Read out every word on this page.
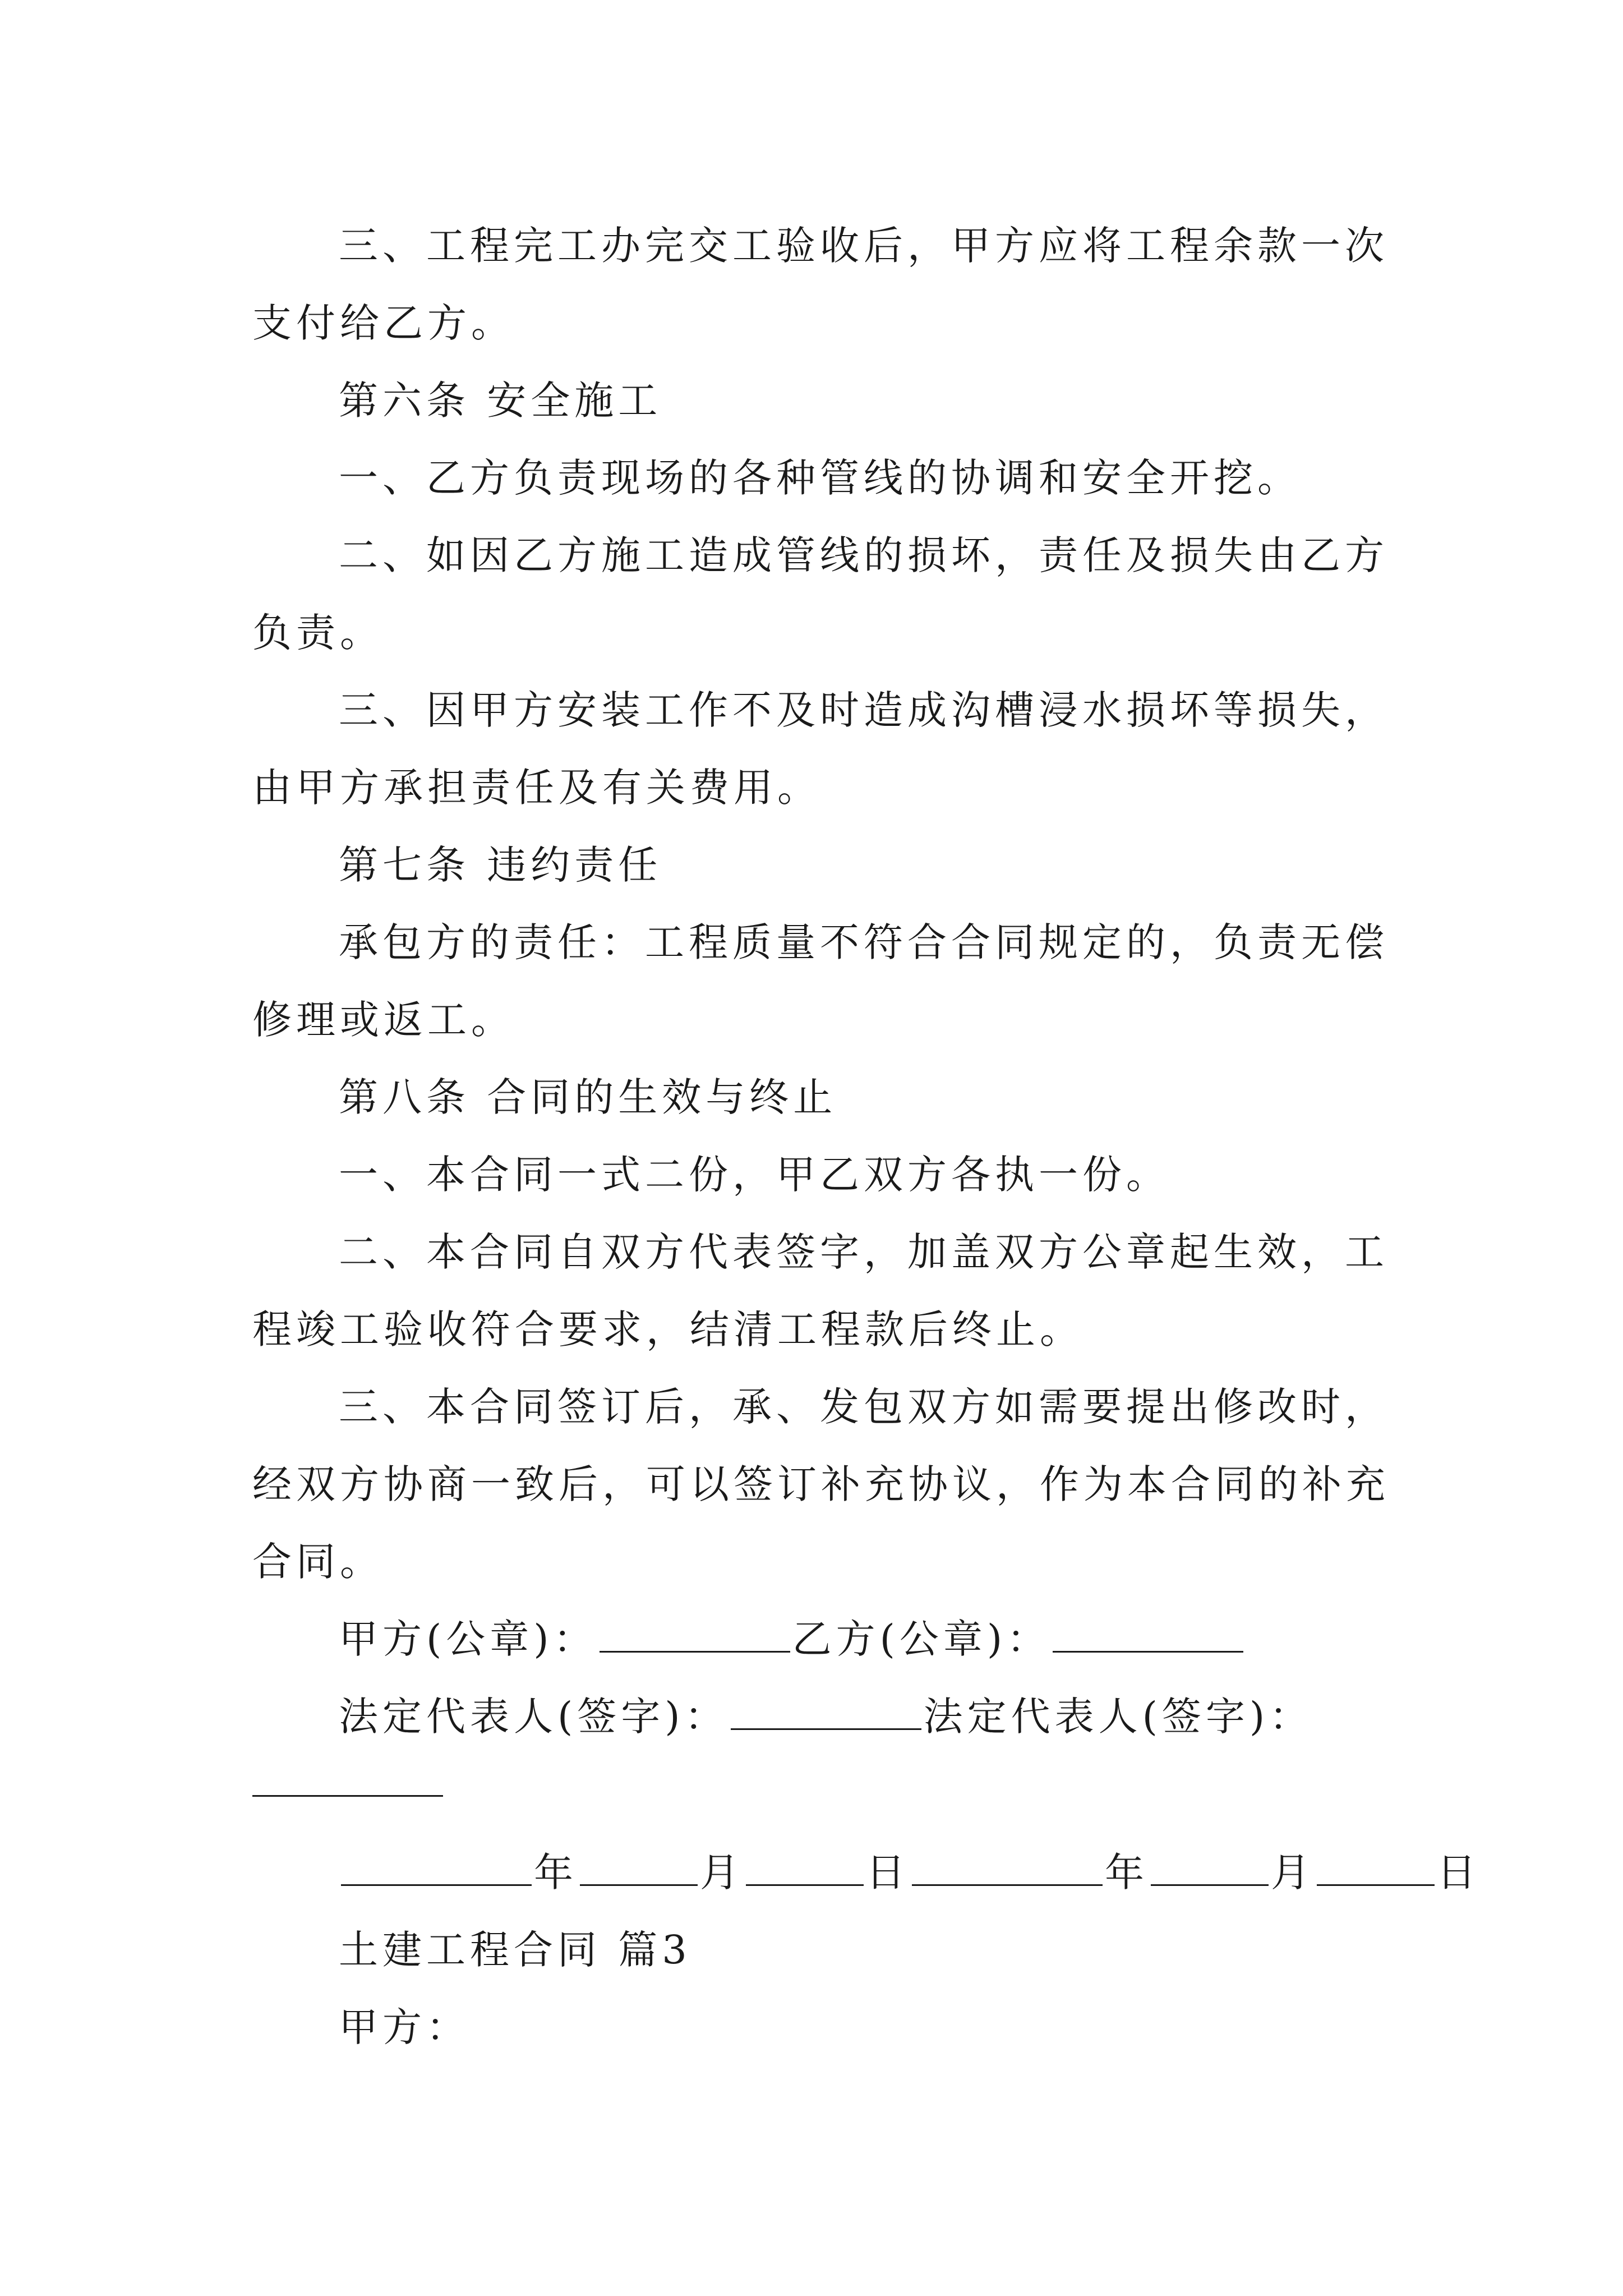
三、工程完工办完交工验收后，甲方应将工程余款一次
支付给乙方。
第六条 安全施工
一、乙方负责现场的各种管线的协调和安全开挖。
二、如因乙方施工造成管线的损坏，责任及损失由乙方
负责。
三、因甲方安装工作不及时造成沟槽浸水损坏等损失，
由甲方承担责任及有关费用。
第七条 违约责任
承包方的责任：工程质量不符合合同规定的，负责无偿
修理或返工。
第八条 合同的生效与终止
一、本合同一式二份，甲乙双方各执一份。
二、本合同自双方代表签字，加盖双方公章起生效，工
程竣工验收符合要求，结清工程款后终止。
三、本合同签订后，承、发包双方如需要提出修改时，
经双方协商一致后，可以签订补充协议，作为本合同的补充
合同。
甲方(公章)：	乙方(公章)：
法定代表人(签字)：	法定代表人(签字)：
年	月	日	年	月	日
土建工程合同 篇3
甲方：
